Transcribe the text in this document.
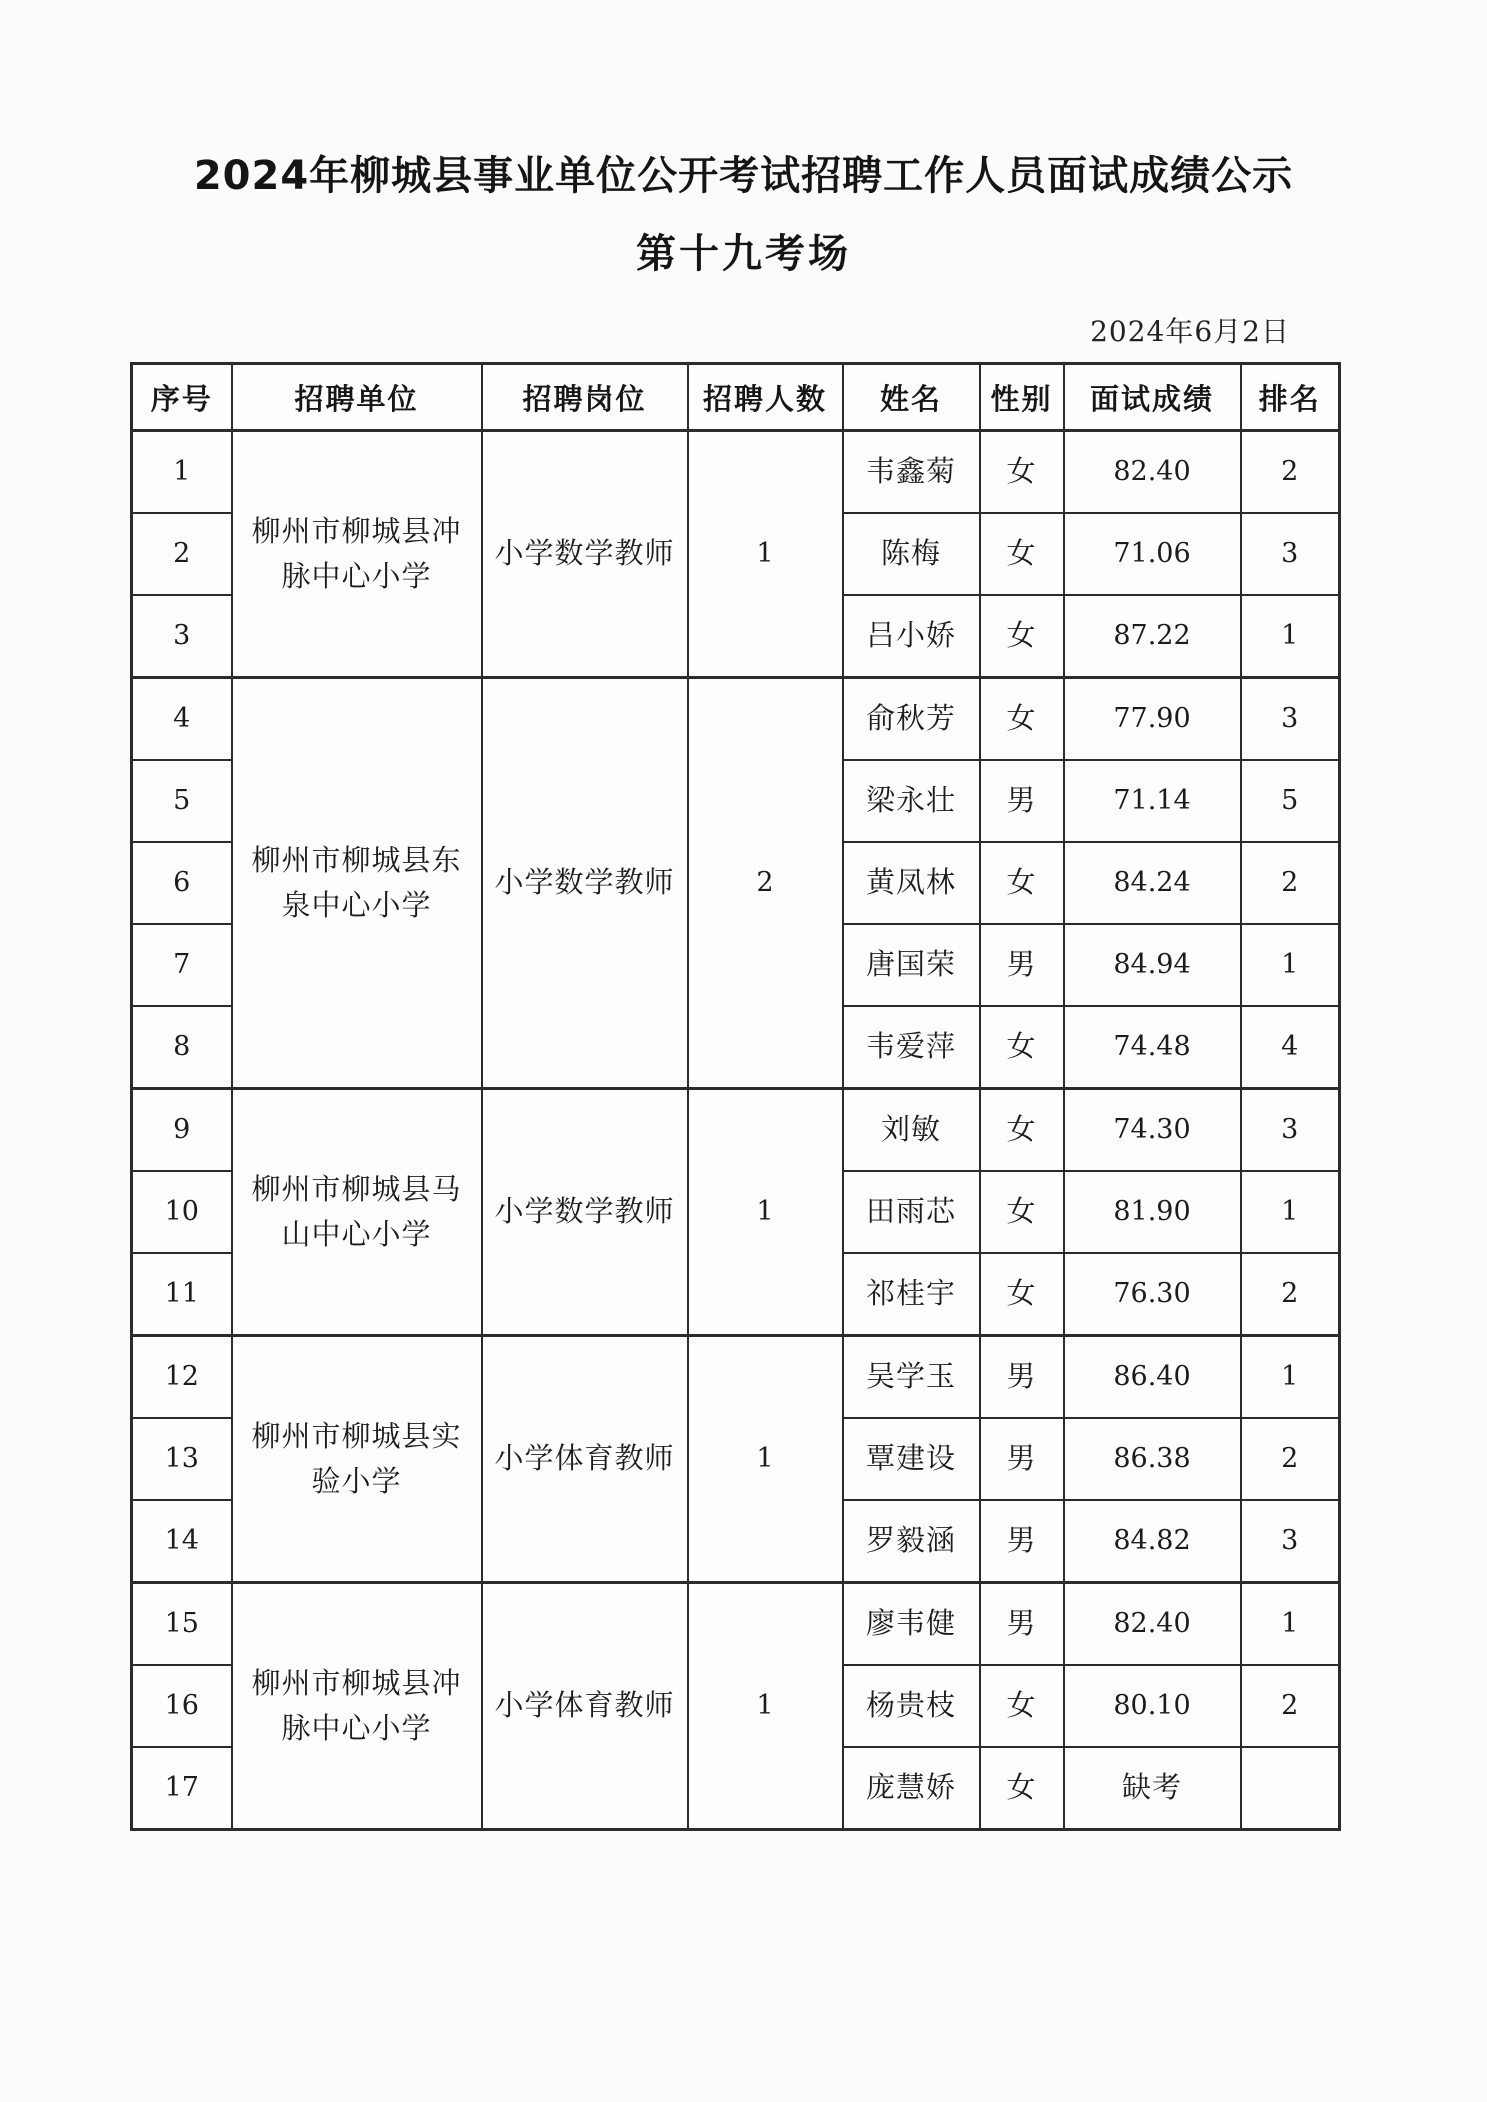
2024年柳城县事业单位公开考试招聘工作人员面试成绩公示
第十九考场
2024年6月2日
序号	招聘单位	招聘岗位	招聘人数	姓名	性别	面试成绩	排名
1	柳州市柳城县冲脉中心小学	小学数学教师	1	韦鑫菊	女	82.40	2
2				陈梅	女	71.06	3
3				吕小娇	女	87.22	1
4	柳州市柳城县东泉中心小学	小学数学教师	2	俞秋芳	女	77.90	3
5				梁永壮	男	71.14	5
6				黄凤林	女	84.24	2
7				唐国荣	男	84.94	1
8				韦爱萍	女	74.48	4
9	柳州市柳城县马山中心小学	小学数学教师	1	刘敏	女	74.30	3
10				田雨芯	女	81.90	1
11				祁桂宇	女	76.30	2
12	柳州市柳城县实验小学	小学体育教师	1	吴学玉	男	86.40	1
13				覃建设	男	86.38	2
14				罗毅涵	男	84.82	3
15	柳州市柳城县冲脉中心小学	小学体育教师	1	廖韦健	男	82.40	1
16				杨贵枝	女	80.10	2
17				庞慧娇	女	缺考	
